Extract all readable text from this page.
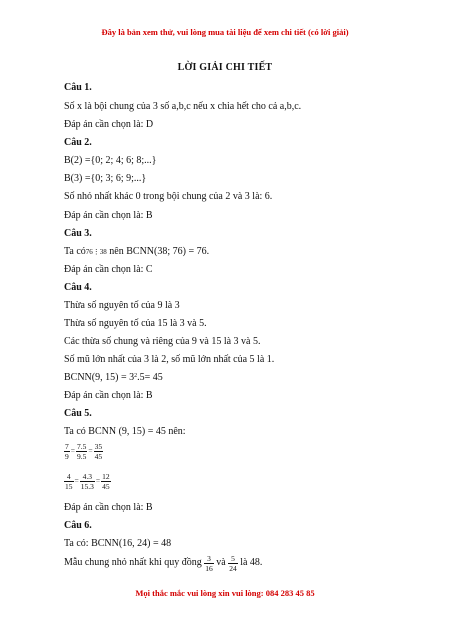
Đây là bản xem thử, vui lòng mua tài liệu để xem chi tiết (có lời giải)
LỜI GIẢI CHI TIẾT
Câu 1.
Số x là bội chung của 3 số a,b,c nếu x chia hết cho cả a,b,c.
Đáp án cần chọn là: D
Câu 2.
B(2) ={0; 2; 4; 6; 8;...}
B(3) ={0; 3; 6; 9;...}
Số nhỏ nhất khác 0 trong bội chung của 2 và 3 là: 6.
Đáp án cần chọn là: B
Câu 3.
Ta có76⋮38 nên BCNN(38; 76) = 76.
Đáp án cần chọn là: C
Câu 4.
Thừa số nguyên tố của 9 là 3
Thừa số nguyên tố của 15 là 3 và 5.
Các thừa số chung và riêng của 9 và 15 là 3 và 5.
Số mũ lớn nhất của 3 là 2, số mũ lớn nhất của 5 là 1.
BCNN(9, $15) = 3^2.5= 45$
Đáp án cần chọn là: B
Câu 5.
Ta có BCNN (9, 15) = 45 nên:
$\frac{7}{9} = \frac{7.5}{9.5} = \frac{35}{45}$
$\frac{4}{15} = \frac{4.3}{15.3} = \frac{12}{45}$
Đáp án cần chọn là: B
Câu 6.
Ta có: BCNN(16, 24) = 48
Mẫu chung nhỏ nhất khi quy đồng
$\frac{3}{16}$
và
$\frac{5}{24}$
là 48.
Mọi thắc mắc vui lòng xin vui lòng: 084 283 45 85
